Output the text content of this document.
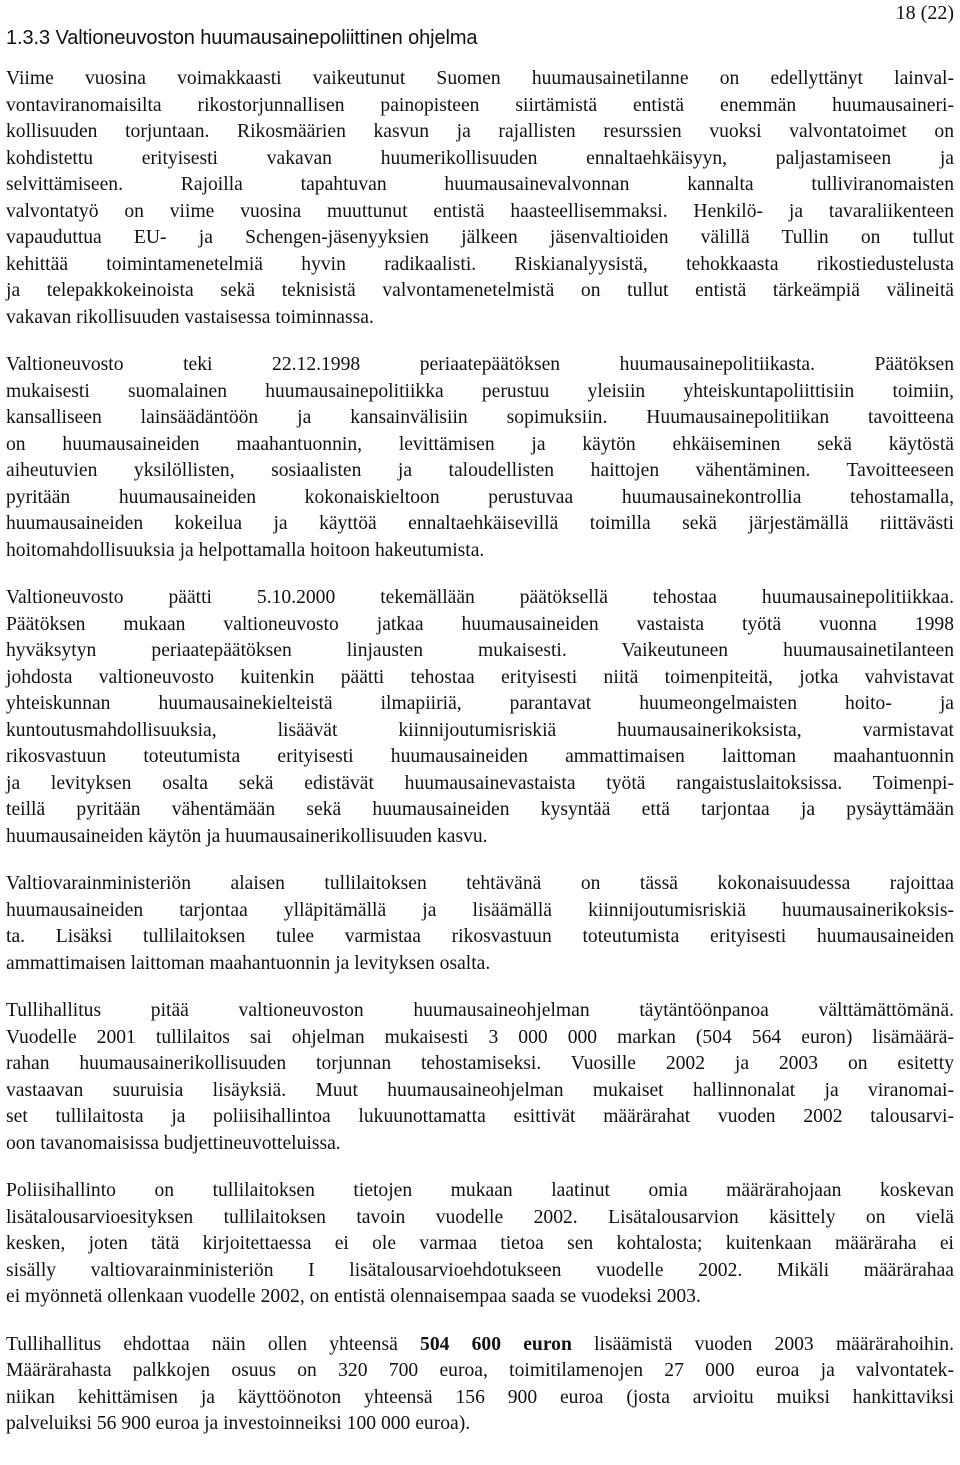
18 (22)
1.3.3 Valtioneuvoston huumausainepoliittinen ohjelma

Viime vuosina voimakkaasti vaikeutunut Suomen huumausainetilanne on edellyttänyt lainval-
vontaviranomaisilta rikostorjunnallisen painopisteen siirtämistä entistä enemmän huumausaineri-
kollisuuden torjuntaan. Rikosmäärien kasvun ja rajallisten resurssien vuoksi valvontatoimet on
kohdistettu erityisesti vakavan huumerikollisuuden ennaltaehkäisyyn, paljastamiseen ja
selvittämiseen. Rajoilla tapahtuvan huumausainevalvonnan kannalta tulliviranomaisten
valvontatyö on viime vuosina muuttunut entistä haasteellisemmaksi. Henkilö- ja tavaraliikenteen
vapauduttua EU- ja Schengen-jäsenyyksien jälkeen jäsenvaltioiden välillä Tullin on tullut
kehittää toimintamenetelmiä hyvin radikaalisti. Riskianalyysistä, tehokkaasta rikostiedustelusta
ja telepakkokeinoista sekä teknisistä valvontamenetelmistä on tullut entistä tärkeämpiä välineitä
vakavan rikollisuuden vastaisessa toiminnassa.

Valtioneuvosto teki 22.12.1998 periaatepäätöksen huumausainepolitiikasta. Päätöksen
mukaisesti suomalainen huumausainepolitiikka perustuu yleisiin yhteiskuntapoliittisiin toimiin,
kansalliseen lainsäädäntöön ja kansainvälisiin sopimuksiin. Huumausainepolitiikan tavoitteena
on huumausaineiden maahantuonnin, levittämisen ja käytön ehkäiseminen sekä käytöstä
aiheutuvien yksilöllisten, sosiaalisten ja taloudellisten haittojen vähentäminen. Tavoitteeseen
pyritään huumausaineiden kokonaiskieltoon perustuvaa huumausainekontrollia tehostamalla,
huumausaineiden kokeilua ja käyttöä ennaltaehkäisevillä toimilla sekä järjestämällä riittävästi
hoitomahdollisuuksia ja helpottamalla hoitoon hakeutumista.

Valtioneuvosto päätti 5.10.2000 tekemällään päätöksellä tehostaa huumausainepolitiikkaa.
Päätöksen mukaan valtioneuvosto jatkaa huumausaineiden vastaista työtä vuonna 1998
hyväksytyn periaatepäätöksen linjausten mukaisesti. Vaikeutuneen huumausainetilanteen
johdosta valtioneuvosto kuitenkin päätti tehostaa erityisesti niitä toimenpiteitä, jotka vahvistavat
yhteiskunnan huumausainekielteistä ilmapiiriä, parantavat huumeongelmaisten hoito- ja
kuntoutusmahdollisuuksia, lisäävät kiinnijoutumisriskiä huumausainerikoksista, varmistavat
rikosvastuun toteutumista erityisesti huumausaineiden ammattimaisen laittoman maahantuonnin
ja levityksen osalta sekä edistävät huumausainevastaista työtä rangaistuslaitoksissa. Toimenpi-
teillä pyritään vähentämään sekä huumausaineiden kysyntää että tarjontaa ja pysäyttämään
huumausaineiden käytön ja huumausainerikollisuuden kasvu.

Valtiovarainministeriön alaisen tullilaitoksen tehtävänä on tässä kokonaisuudessa rajoittaa
huumausaineiden tarjontaa ylläpitämällä ja lisäämällä kiinnijoutumisriskiä huumausainerikoksis-
ta. Lisäksi tullilaitoksen tulee varmistaa rikosvastuun toteutumista erityisesti huumausaineiden
ammattimaisen laittoman maahantuonnin ja levityksen osalta.

Tullihallitus pitää valtioneuvoston huumausaineohjelman täytäntöönpanoa välttämättömänä.
Vuodelle 2001 tullilaitos sai ohjelman mukaisesti 3 000 000 markan (504 564 euron) lisämäärä-
rahan huumausainerikollisuuden torjunnan tehostamiseksi. Vuosille 2002 ja 2003 on esitetty
vastaavan suuruisia lisäyksiä. Muut huumausaineohjelman mukaiset hallinnonalat ja viranomai-
set tullilaitosta ja poliisihallintoa lukuunottamatta esittivät määrärahat vuoden 2002 talousarvi-
oon tavanomaisissa budjettineuvotteluissa.

Poliisihallinto on tullilaitoksen tietojen mukaan laatinut omia määrärahojaan koskevan
lisätalousarvioesityksen tullilaitoksen tavoin vuodelle 2002. Lisätalousarvion käsittely on vielä
kesken, joten tätä kirjoitettaessa ei ole varmaa tietoa sen kohtalosta; kuitenkaan määräraha ei
sisälly valtiovarainministeriön I lisätalousarvioehdotukseen vuodelle 2002. Mikäli määrärahaa
ei myönnetä ollenkaan vuodelle 2002, on entistä olennaisempaa saada se vuodeksi 2003.

Tullihallitus ehdottaa näin ollen yhteensä 504 600 euron lisäämistä vuoden 2003 määrärahoihin.
Määrärahasta palkkojen osuus on 320 700 euroa, toimitilamenojen 27 000 euroa ja valvontatek-
niikan kehittämisen ja käyttöönoton yhteensä 156 900 euroa (josta arvioitu muiksi hankittaviksi
palveluiksi 56 900 euroa ja investoinneiksi 100 000 euroa).
